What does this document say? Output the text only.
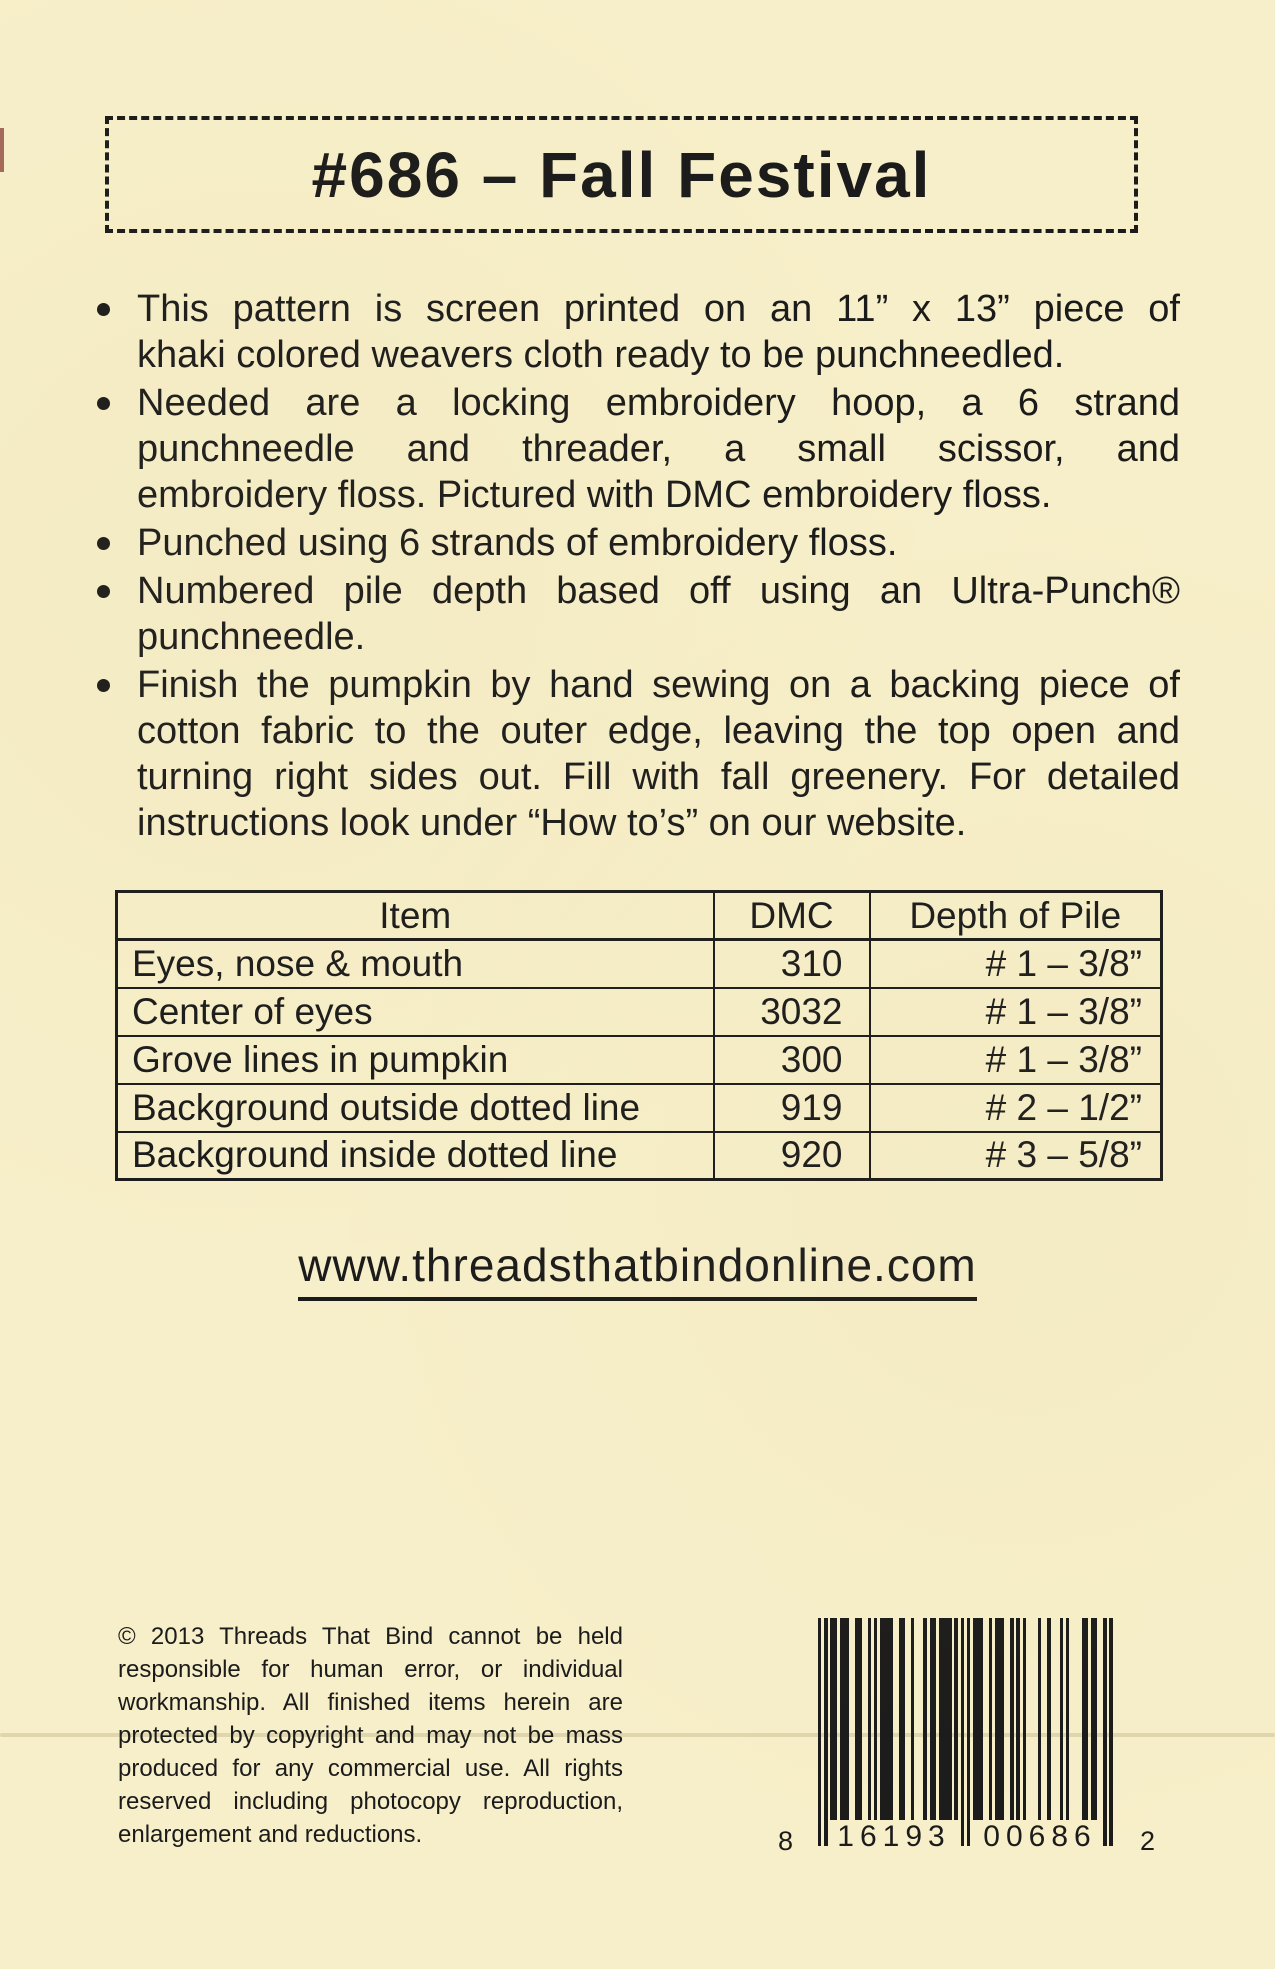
#686 – Fall Festival
This pattern is screen printed on an 11” x 13” piece of
khaki colored weavers cloth ready to be punchneedled.
Needed are a locking embroidery hoop, a 6 strand
punchneedle and threader, a small scissor, and
embroidery floss. Pictured with DMC embroidery floss.
Punched using 6 strands of embroidery floss.
Numbered pile depth based off using an Ultra-Punch®
punchneedle.
Finish the pumpkin by hand sewing on a backing piece of
cotton fabric to the outer edge, leaving the top open and
turning right sides out. Fill with fall greenery. For detailed
instructions look under “How to’s” on our website.
Item	DMC	Depth of Pile
Eyes, nose & mouth	310	# 1 – 3/8”
Center of eyes	3032	# 1 – 3/8”
Grove lines in pumpkin	300	# 1 – 3/8”
Background outside dotted line	919	# 2 – 1/2”
Background inside dotted line	920	# 3 – 5/8”
www.threadsthatbindonline.com
© 2013 Threads That Bind cannot be held
responsible for human error, or individual
workmanship. All finished items herein are
protected by copyright and may not be mass
produced for any commercial use. All rights
reserved including photocopy reproduction,
enlargement and reductions.	8	16193	00686	2
